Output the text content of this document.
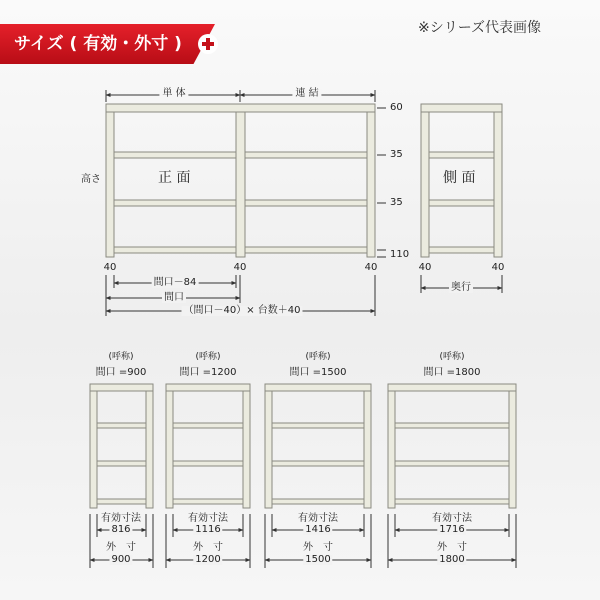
サイズ ( 有効・外寸 )
※シリーズ代表画像
単 体	連 結
高さ	正 面	側 面
60
35
35
110
40	40	40	40	40
間口－84
間口
（間口－40）× 台数＋40
奥行
(呼称)
間口 =900
有効寸法
816
外　寸
900
(呼称)
間口 =1200
有効寸法
1116
外　寸
1200
(呼称)
間口 =1500
有効寸法
1416
外　寸
1500
(呼称)
間口 =1800
有効寸法
1716
外　寸
1800
